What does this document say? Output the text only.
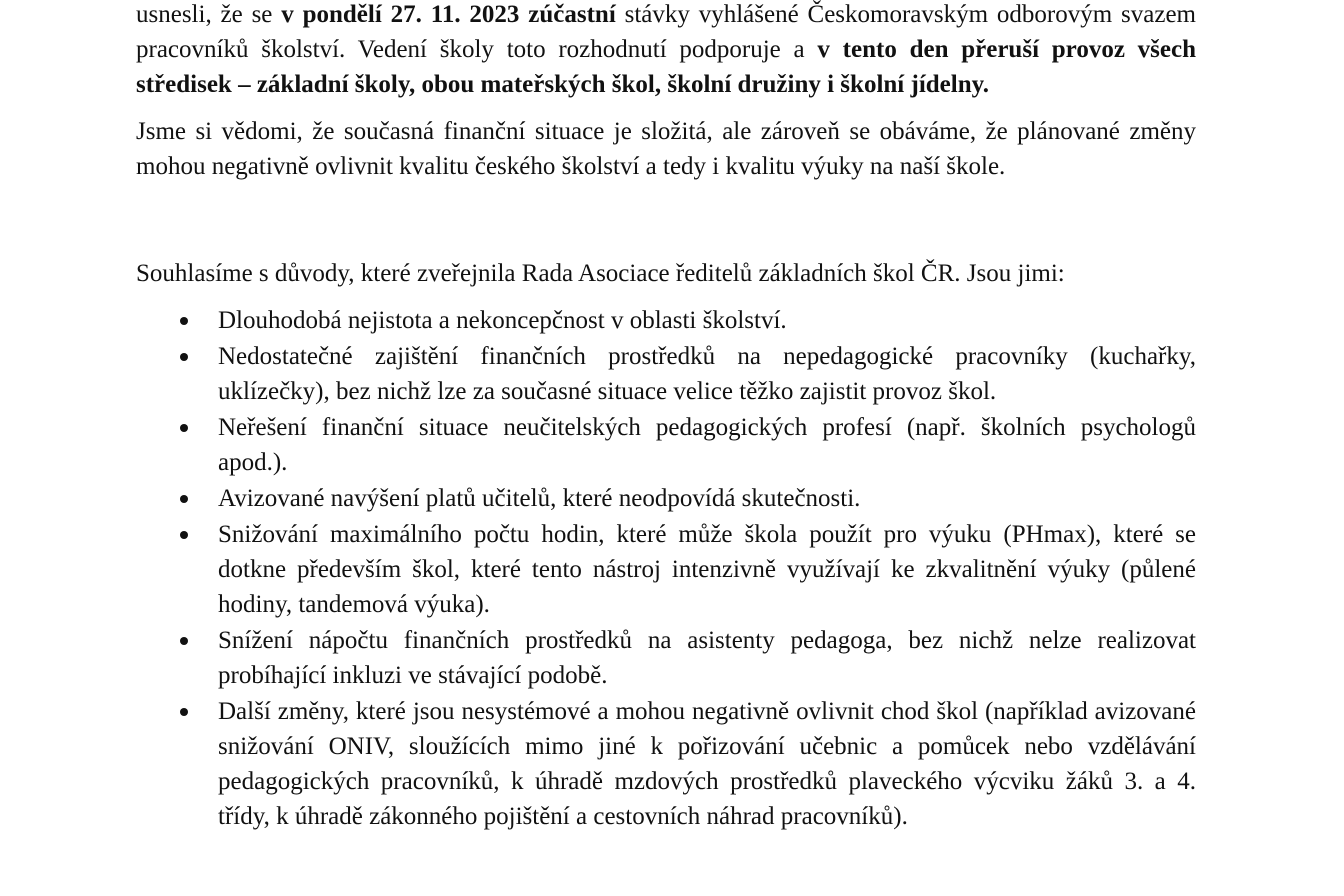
usnesli, že se v pondělí 27. 11. 2023 zúčastní stávky vyhlášené Českomoravským odborovým svazem pracovníků školství. Vedení školy toto rozhodnutí podporuje a v tento den přeruší provoz všech středisek – základní školy, obou mateřských škol, školní družiny i školní jídelny.

Jsme si vědomi, že současná finanční situace je složitá, ale zároveň se obáváme, že plánované změny mohou negativně ovlivnit kvalitu českého školství a tedy i kvalitu výuky na naší škole.

Souhlasíme s důvody, které zveřejnila Rada Asociace ředitelů základních škol ČR. Jsou jimi:

Dlouhodobá nejistota a nekoncepčnost v oblasti školství.
Nedostatečné zajištění finančních prostředků na nepedagogické pracovníky (kuchařky, uklízečky), bez nichž lze za současné situace velice těžko zajistit provoz škol.
Neřešení finanční situace neučitelských pedagogických profesí (např. školních psychologů apod.).
Avizované navýšení platů učitelů, které neodpovídá skutečnosti.
Snižování maximálního počtu hodin, které může škola použít pro výuku (PHmax), které se dotkne především škol, které tento nástroj intenzivně využívají ke zkvalitnění výuky (půlené hodiny, tandemová výuka).
Snížení nápočtu finančních prostředků na asistenty pedagoga, bez nichž nelze realizovat probíhající inkluzi ve stávající podobě.
Další změny, které jsou nesystémové a mohou negativně ovlivnit chod škol (například avizované snižování ONIV, sloužících mimo jiné k pořizování učebnic a pomůcek nebo vzdělávání pedagogických pracovníků, k úhradě mzdových prostředků plaveckého výcviku žáků 3. a 4. třídy, k úhradě zákonného pojištění a cestovních náhrad pracovníků).
